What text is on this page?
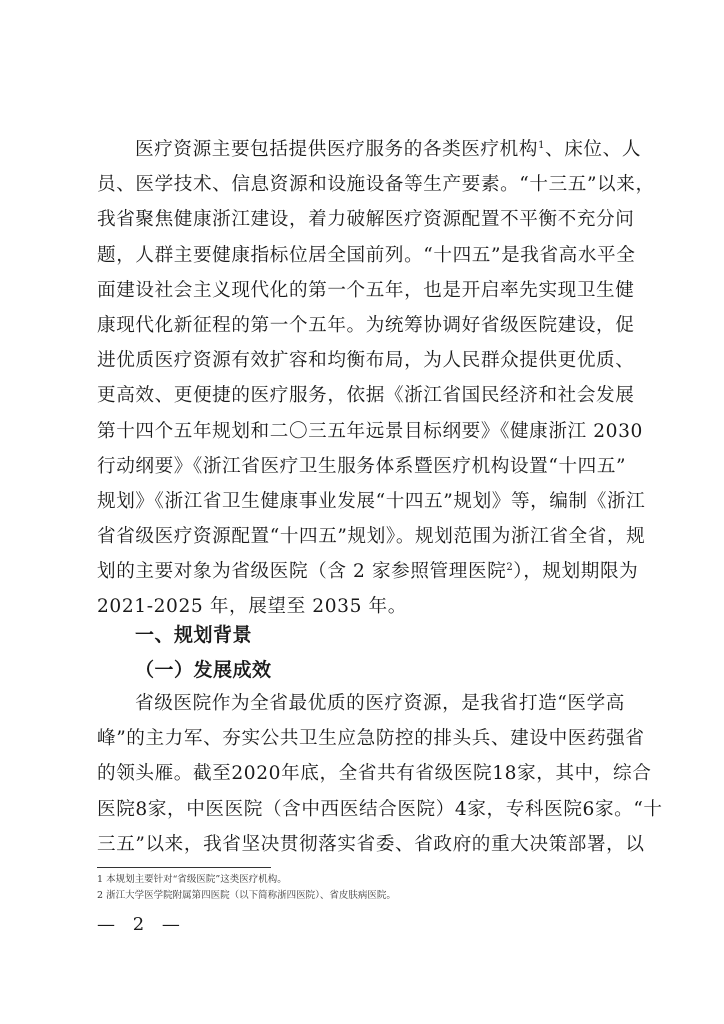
医疗资源主要包括提供医疗服务的各类医疗机构$^1$、床位、人
员、医学技术、信息资源和设施设备等生产要素。“十三五”以来，
我省聚焦健康浙江建设，着力破解医疗资源配置不平衡不充分问
题，人群主要健康指标位居全国前列。“十四五”是我省高水平全
面建设社会主义现代化的第一个五年，也是开启率先实现卫生健
康现代化新征程的第一个五年。为统筹协调好省级医院建设，促
进优质医疗资源有效扩容和均衡布局，为人民群众提供更优质、
更高效、更便捷的医疗服务，依据《浙江省国民经济和社会发展
第十四个五年规划和二〇三五年远景目标纲要》《健康浙江 2030
行动纲要》《浙江省医疗卫生服务体系暨医疗机构设置“十四五”
规划》《浙江省卫生健康事业发展“十四五”规划》等，编制《浙江
省省级医疗资源配置“十四五”规划》。规划范围为浙江省全省，规
划的主要对象为省级医院（含 2 家参照管理医院$^2$），规划期限为
2021-2025 年，展望至 2035 年。
一、规划背景
（一）发展成效
省级医院作为全省最优质的医疗资源，是我省打造“医学高
峰”的主力军、夯实公共卫生应急防控的排头兵、建设中医药强省
的领头雁。截至2020年底，全省共有省级医院18家，其中，综合
医院8家，中医医院（含中西医结合医院）4家，专科医院6家。“十
三五”以来，我省坚决贯彻落实省委、省政府的重大决策部署，以
1 本规划主要针对“省级医院”这类医疗机构。
2 浙江大学医学院附属第四医院（以下简称浙四医院）、省皮肤病医院。
— 2 —
